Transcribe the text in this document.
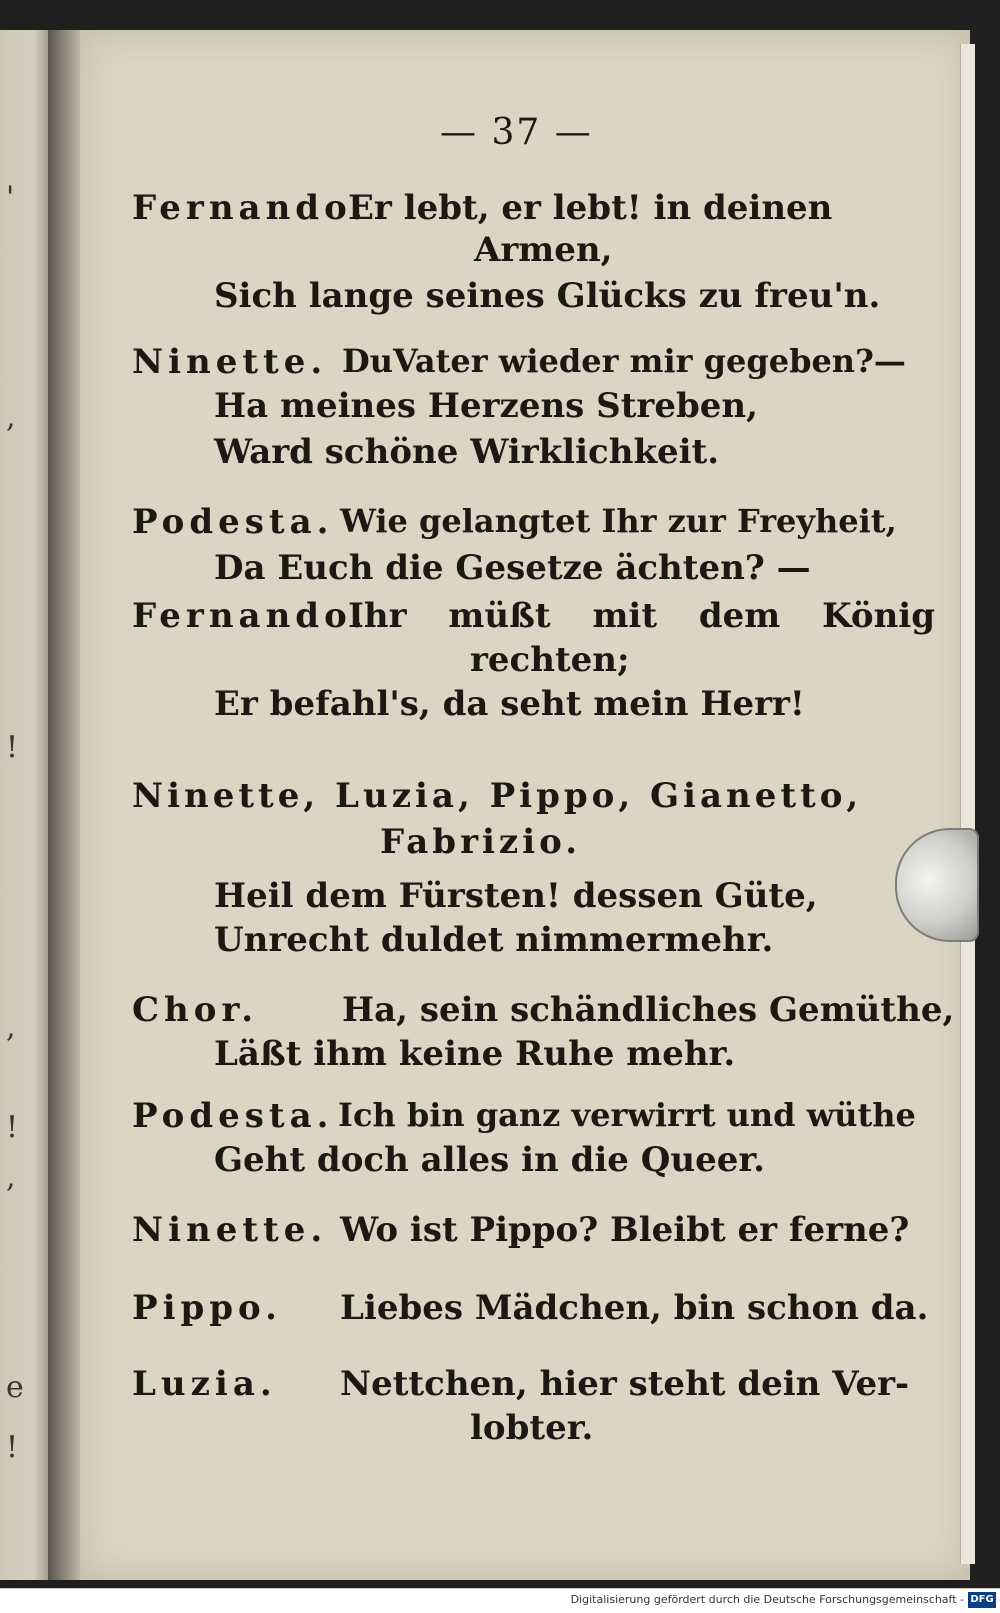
'
,
!
,
!
,
e
!
— 37 —
Fernando.
Er lebt, er lebt! in deinen
Armen,
Sich lange seines Glücks zu freu'n.
Ninette. DuVater wieder mir gegeben?—
Ha meines Herzens Streben,
Ward schöne Wirklichkeit.
Podesta. Wie gelangtet Ihr zur Freyheit,
Da Euch die Gesetze ächten? —
Fernando.
Ihr müßt mit dem König
rechten;
Er befahl's, da seht mein Herr!
Ninette, Luzia, Pippo, Gianetto,
Fabrizio.
Heil dem Fürsten! dessen Güte,
Unrecht duldet nimmermehr.
Chor. Ha, sein schändliches Gemüthe,
Läßt ihm keine Ruhe mehr.
Podesta. Ich bin ganz verwirrt und wüthe
Geht doch alles in die Queer.
Ninette. Wo ist Pippo? Bleibt er ferne?
Pippo. Liebes Mädchen, bin schon da.
Luzia. Nettchen, hier steht dein Ver-
lobter.
Digitalisierung gefördert durch die Deutsche Forschungsgemeinschaft - DFG
